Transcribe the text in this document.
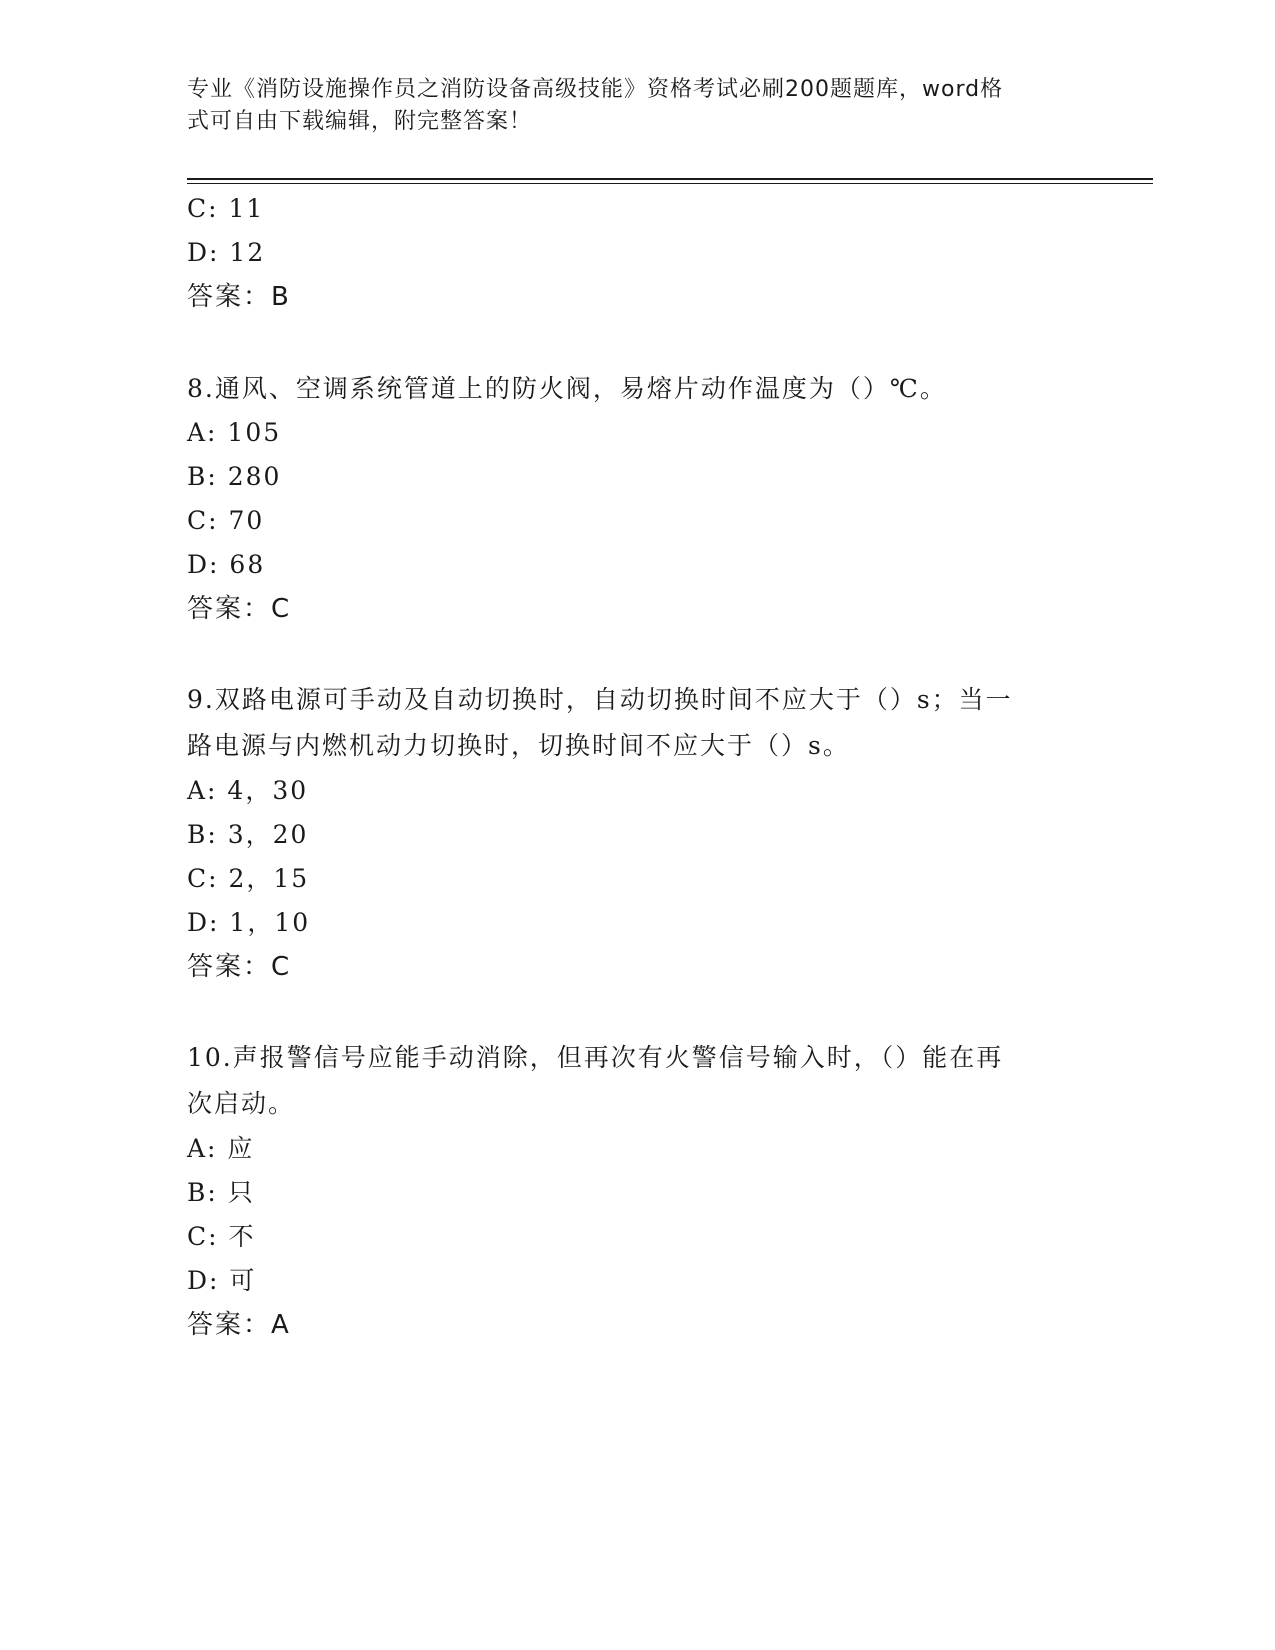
专业《消防设施操作员之消防设备高级技能》资格考试必刷200题题库，word格
式可自由下载编辑，附完整答案！
C: 11
D: 12
答案：B
8.通风、空调系统管道上的防火阀，易熔片动作温度为（）℃。
A: 105
B: 280
C: 70
D: 68
答案：C
9.双路电源可手动及自动切换时，自动切换时间不应大于（）s；当一
路电源与内燃机动力切换时，切换时间不应大于（）s。
A: 4，30
B: 3，20
C: 2，15
D: 1，10
答案：C
10.声报警信号应能手动消除，但再次有火警信号输入时，（）能在再
次启动。
A: 应
B: 只
C: 不
D: 可
答案：A
